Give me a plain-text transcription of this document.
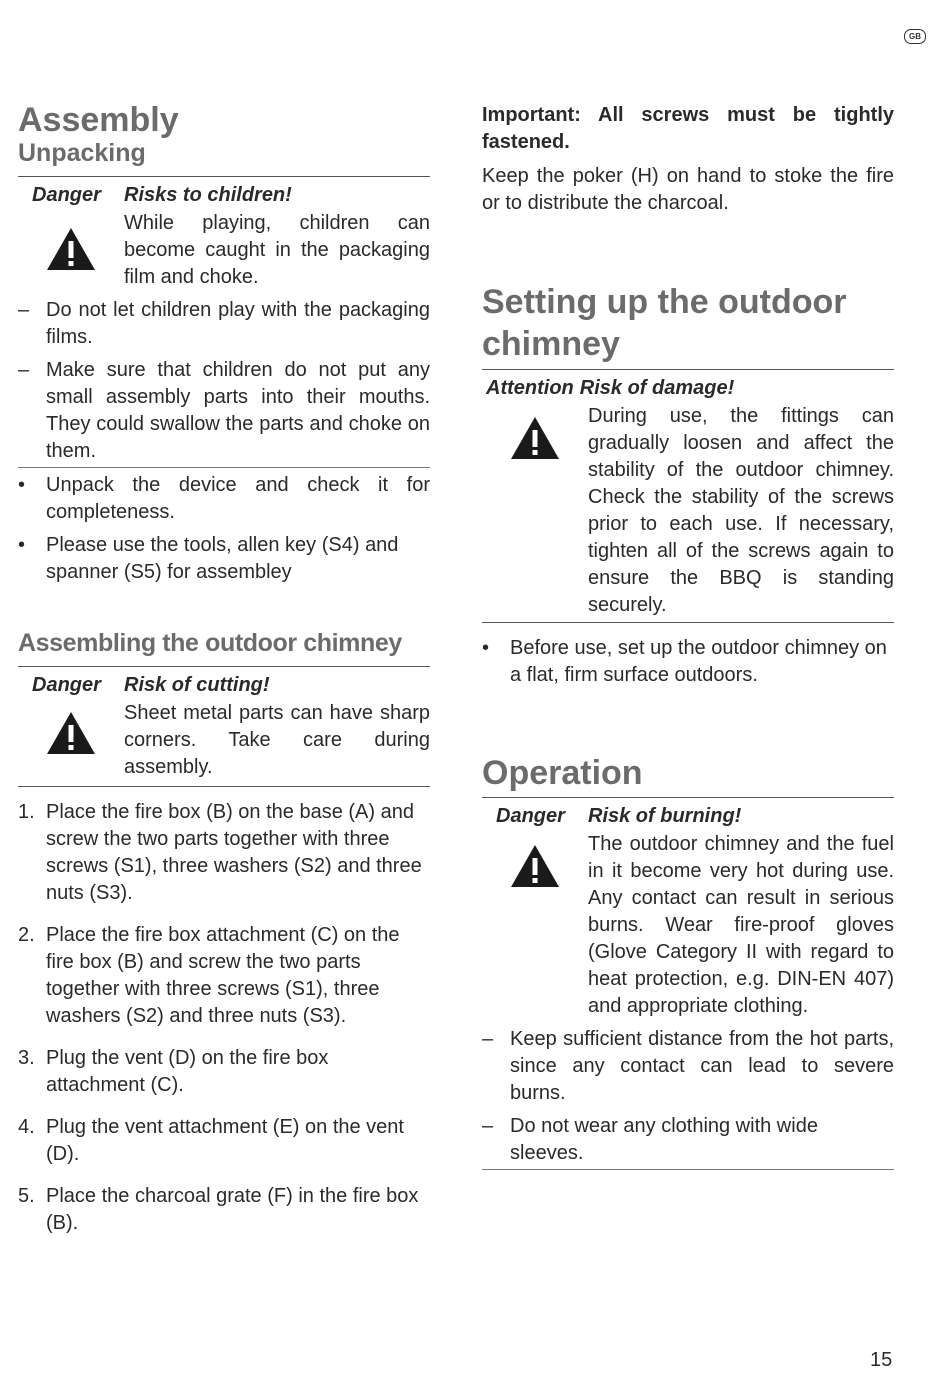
GB
Assembly
Unpacking
Danger	Risks to children!
While playing, children can become caught in the packaging film and choke.
– Do not let children play with the packaging films.
– Make sure that children do not put any small assembly parts into their mouths. They could swallow the parts and choke on them.
•	Unpack the device and check it for completeness.
•	Please use the tools, allen key (S4) and spanner (S5) for assembley
Assembling the outdoor chimney
Danger	Risk of cutting!
Sheet metal parts can have sharp corners. Take care during assembly.
1. Place the fire box (B) on the base (A) and screw the two parts together with three screws (S1), three washers (S2) and three nuts (S3).
2. Place the fire box attachment (C) on the fire box (B) and screw the two parts together with three screws (S1), three washers (S2) and three nuts (S3).
3. Plug the vent (D) on the fire box attachment (C).
4. Plug the vent attachment (E) on the vent (D).
5. Place the charcoal grate (F) in the fire box (B).

Important: All screws must be tightly fastened.

Keep the poker (H) on hand to stoke the fire or to distribute the charcoal.

Setting up the outdoor chimney
Attention Risk of damage!
During use, the fittings can gradually loosen and affect the stability of the outdoor chimney. Check the stability of the screws prior to each use. If necessary, tighten all of the screws again to ensure the BBQ is standing securely.
•	Before use, set up the outdoor chimney on a flat, firm surface outdoors.
Operation
Danger	Risk of burning!
The outdoor chimney and the fuel in it become very hot during use. Any contact can result in serious burns. Wear fire-proof gloves (Glove Category II with regard to heat protection, e.g. DIN-EN 407) and appropriate clothing.
– Keep sufficient distance from the hot parts, since any contact can lead to severe burns.
– Do not wear any clothing with wide sleeves.
15
